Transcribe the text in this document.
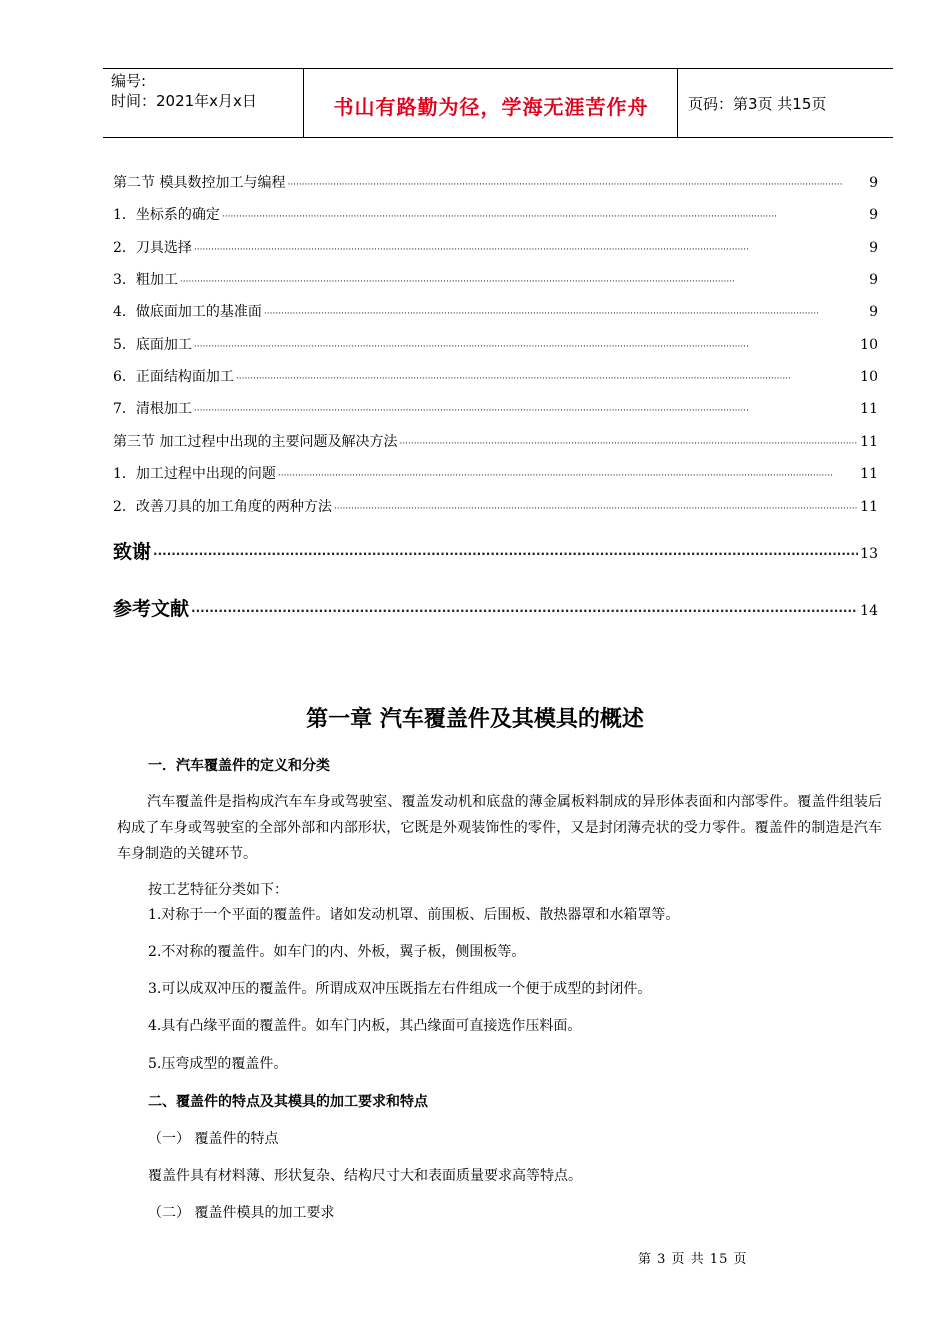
编号:
时间：2021年x月x日	书山有路勤为径，学海无涯苦作舟	页码：第3页 共15页
第二节 模具数控加工与编程 ·····	9
1．坐标系的确定 ·····	9
2．刀具选择 ·····	9
3．粗加工 ·····	9
4．做底面加工的基准面 ·····	9
5．底面加工 ·····	10
6．正面结构面加工 ·····	10
7．清根加工 ·····	11
第三节 加工过程中出现的主要问题及解决方法 ·····	11
1．加工过程中出现的问题 ·····	11
2．改善刀具的加工角度的两种方法 ·····	11
致谢 ·····	13
参考文献 ·····	14
第一章 汽车覆盖件及其模具的概述
一．汽车覆盖件的定义和分类
汽车覆盖件是指构成汽车车身或驾驶室、覆盖发动机和底盘的薄金属板料制成的异形体表面和内部零件。覆盖件组装后构成了车身或驾驶室的全部外部和内部形状，它既是外观装饰性的零件，又是封闭薄壳状的受力零件。覆盖件的制造是汽车车身制造的关键环节。
按工艺特征分类如下：
1.对称于一个平面的覆盖件。诸如发动机罩、前围板、后围板、散热器罩和水箱罩等。
2.不对称的覆盖件。如车门的内、外板，翼子板，侧围板等。
3.可以成双冲压的覆盖件。所谓成双冲压既指左右件组成一个便于成型的封闭件。
4.具有凸缘平面的覆盖件。如车门内板，其凸缘面可直接选作压料面。
5.压弯成型的覆盖件。
二、覆盖件的特点及其模具的加工要求和特点
（一） 覆盖件的特点
覆盖件具有材料薄、形状复杂、结构尺寸大和表面质量要求高等特点。
（二） 覆盖件模具的加工要求
第 3 页 共 15 页
